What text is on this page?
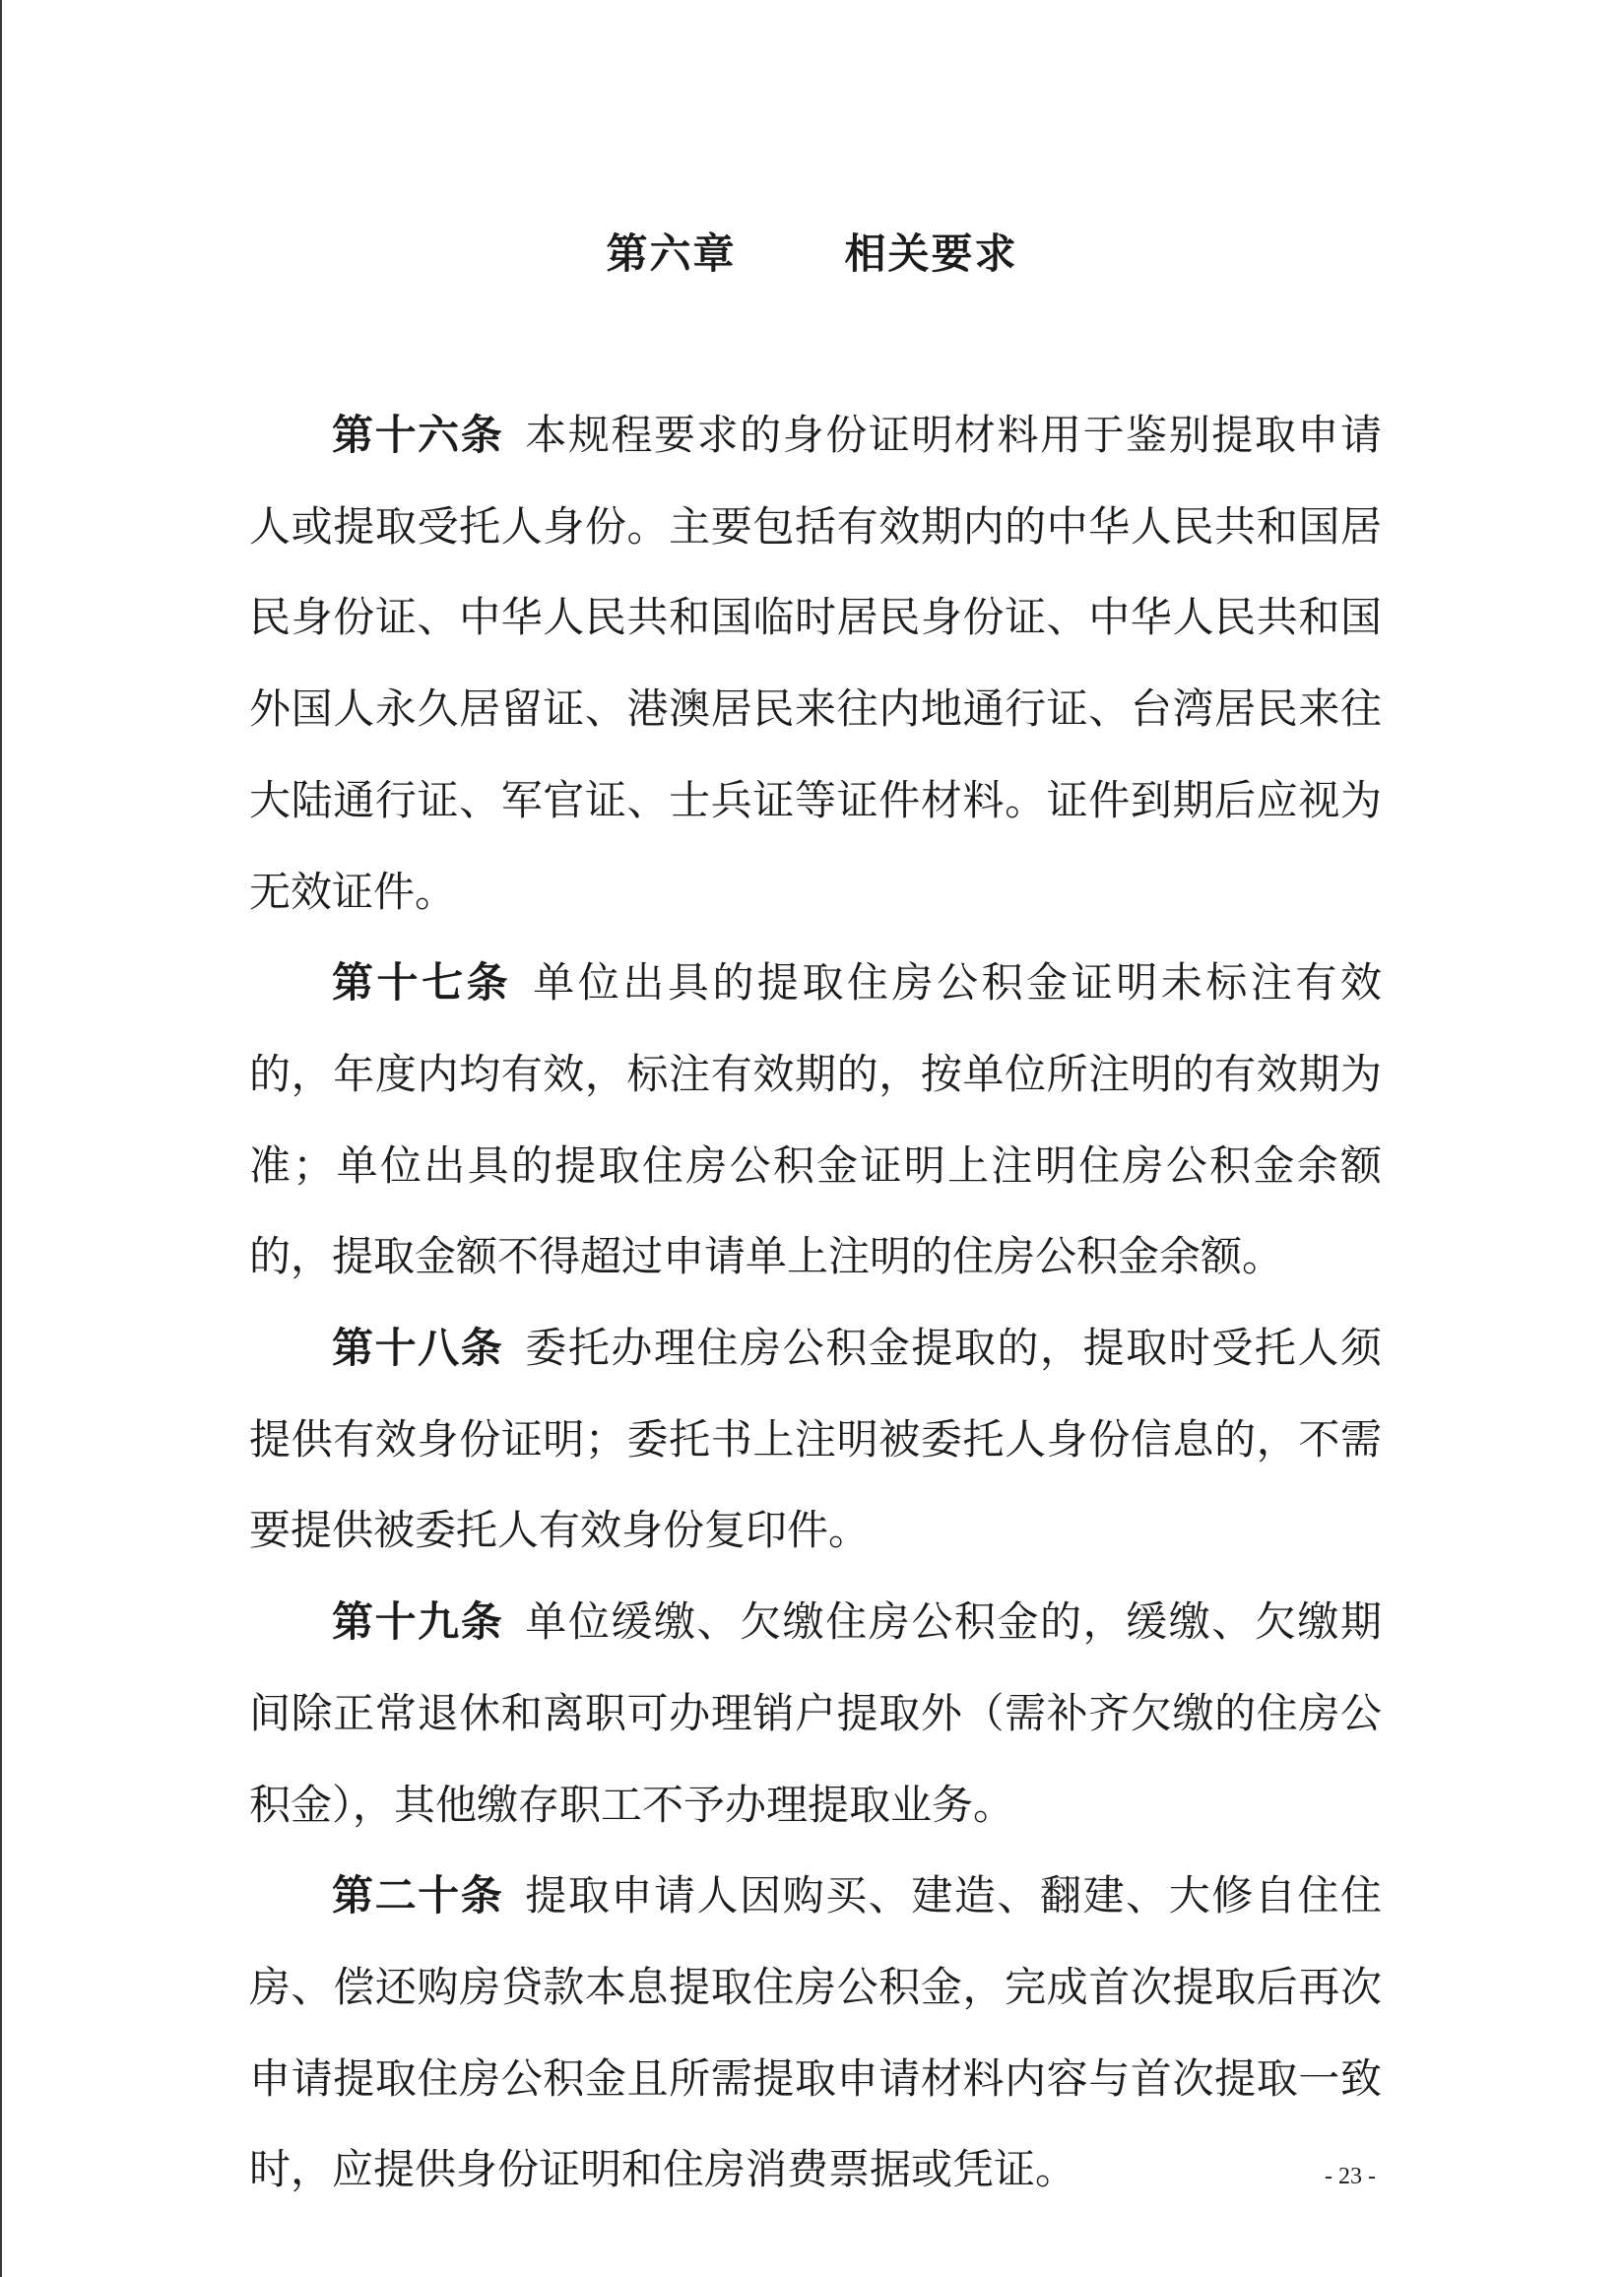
第六章	相关要求

第十六条 本规程要求的身份证明材料用于鉴别提取申请人或提取受托人身份。主要包括有效期内的中华人民共和国居民身份证、中华人民共和国临时居民身份证、中华人民共和国外国人永久居留证、港澳居民来往内地通行证、台湾居民来往大陆通行证、军官证、士兵证等证件材料。证件到期后应视为无效证件。

第十七条 单位出具的提取住房公积金证明未标注有效的，年度内均有效，标注有效期的，按单位所注明的有效期为准；单位出具的提取住房公积金证明上注明住房公积金余额的，提取金额不得超过申请单上注明的住房公积金余额。

第十八条 委托办理住房公积金提取的，提取时受托人须提供有效身份证明；委托书上注明被委托人身份信息的，不需要提供被委托人有效身份复印件。

第十九条 单位缓缴、欠缴住房公积金的，缓缴、欠缴期间除正常退休和离职可办理销户提取外（需补齐欠缴的住房公积金），其他缴存职工不予办理提取业务。

第二十条 提取申请人因购买、建造、翻建、大修自住住房、偿还购房贷款本息提取住房公积金，完成首次提取后再次申请提取住房公积金且所需提取申请材料内容与首次提取一致时，应提供身份证明和住房消费票据或凭证。	- 23 -
